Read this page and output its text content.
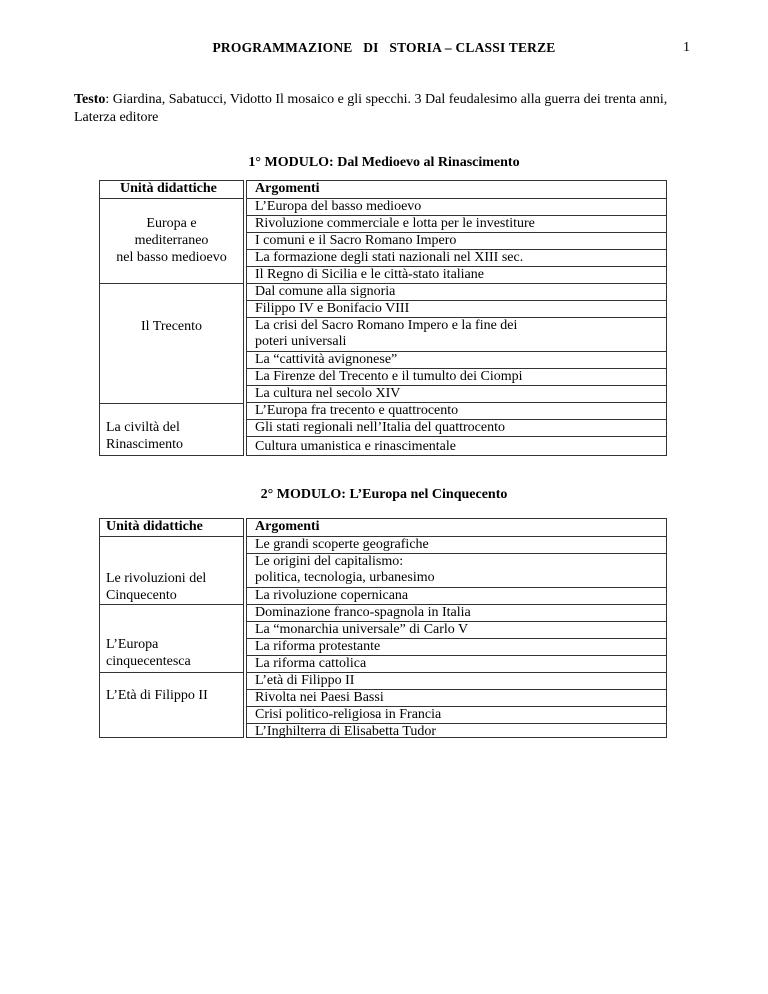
PROGRAMMAZIONE   DI   STORIA – CLASSI TERZE	1
Testo: Giardina, Sabatucci, Vidotto Il mosaico e gli specchi. 3 Dal feudalesimo alla guerra dei trenta anni, Laterza editore
1° MODULO: Dal Medioevo al Rinascimento
Unità didattiche
Europa e
mediterraneo
nel basso medioevo
Il Trecento
La civiltà del
Rinascimento
Argomenti
L’Europa del basso medioevo
Rivoluzione commerciale e lotta per le investiture
I comuni e il Sacro Romano Impero
La formazione degli stati nazionali nel XIII sec.
Il Regno di Sicilia e le città-stato italiane
Dal comune alla signoria
Filippo IV e Bonifacio VIII
La crisi del Sacro Romano Impero e la fine dei
poteri universali
La “cattività avignonese”
La Firenze del Trecento e il tumulto dei Ciompi
La cultura nel secolo XIV
L’Europa fra trecento e quattrocento
Gli stati regionali nell’Italia del quattrocento
Cultura umanistica e rinascimentale
2° MODULO: L’Europa nel Cinquecento
Unità didattiche
Le rivoluzioni del
Cinquecento
L’Europa
cinquecentesca
L’Età di Filippo II
Argomenti
Le grandi scoperte geografiche
Le origini del capitalismo:
politica, tecnologia, urbanesimo
La rivoluzione copernicana
Dominazione franco-spagnola in Italia
La “monarchia universale” di Carlo V
La riforma protestante
La riforma cattolica
L’età di Filippo II
Rivolta nei Paesi Bassi
Crisi politico-religiosa in Francia
L’Inghilterra di Elisabetta Tudor
